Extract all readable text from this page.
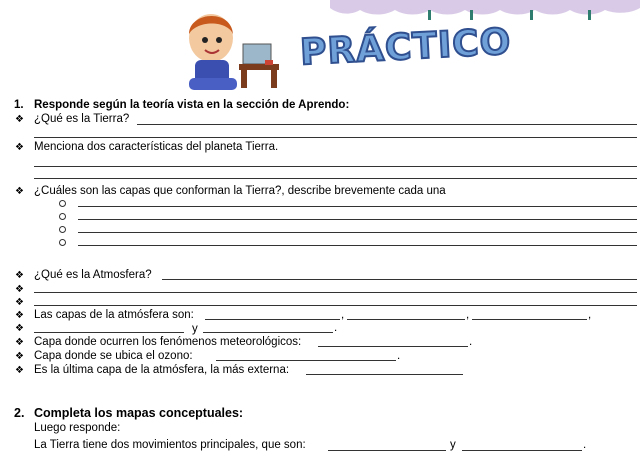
PRÁCTICO
1. Responde según la teoría vista en la sección de Aprendo:
❖ ¿Qué es la Tierra?
❖ Menciona dos características del planeta Tierra.
❖ ¿Cuáles son las capas que conforman la Tierra?, describe brevemente cada una
❖ ¿Qué es la Atmosfera?
❖
❖
❖ Las capas de la atmósfera son:	,	,	,
❖	y	.
❖ Capa donde ocurren los fenómenos meteorológicos:	.
❖ Capa donde se ubica el ozono:	.
❖ Es la última capa de la atmósfera, la más externa:
2. Completa los mapas conceptuales:
Luego responde:
La Tierra tiene dos movimientos principales, que son:	y	.
